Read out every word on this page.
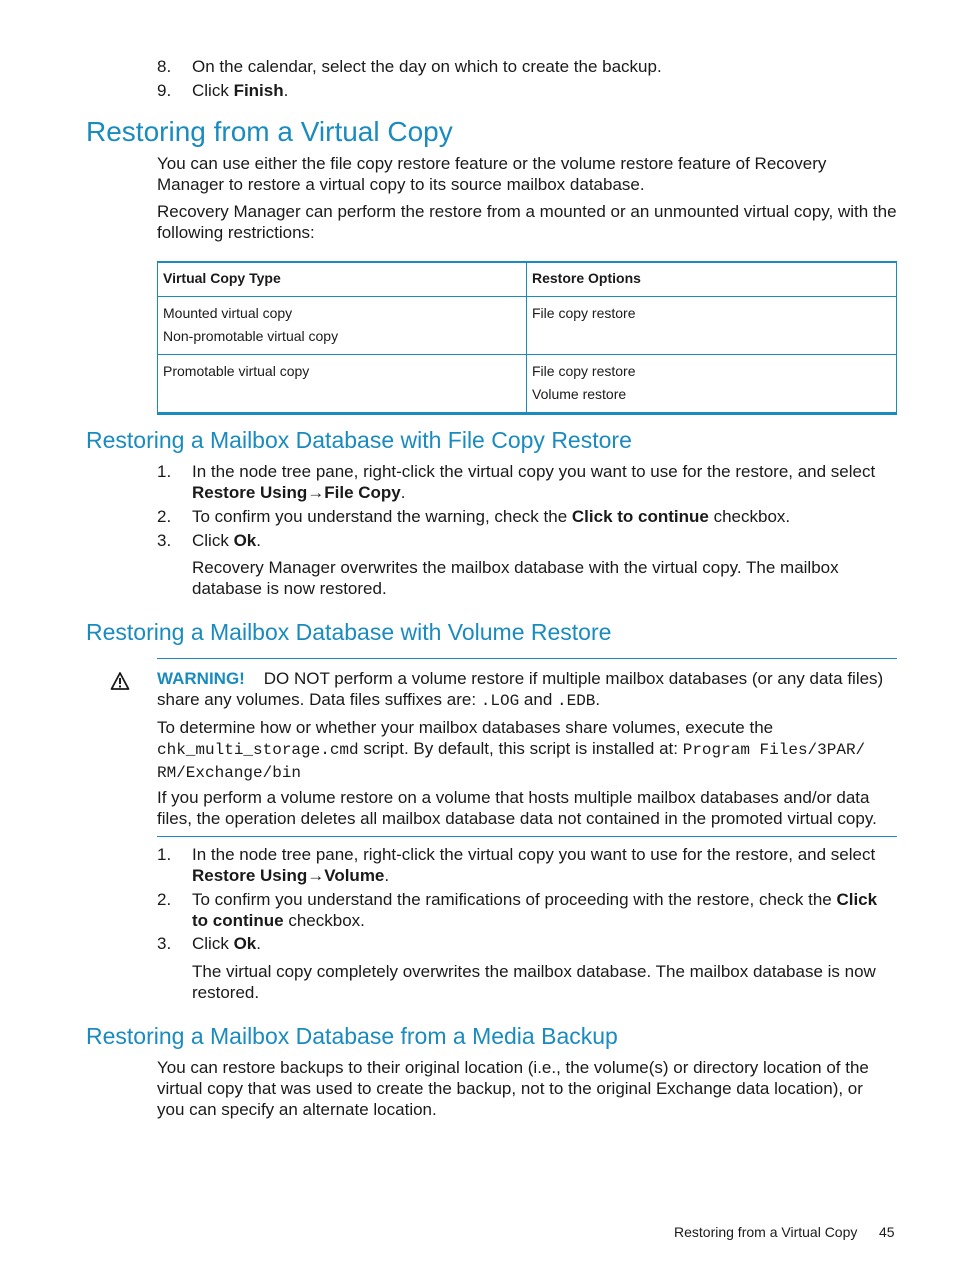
8. On the calendar, select the day on which to create the backup.
9. Click Finish.
Restoring from a Virtual Copy
You can use either the file copy restore feature or the volume restore feature of Recovery Manager to restore a virtual copy to its source mailbox database.
Recovery Manager can perform the restore from a mounted or an unmounted virtual copy, with the following restrictions:
Virtual Copy Type	Restore Options

Mounted virtual copy
Non-promotable virtual copy	File copy restore

Promotable virtual copy	File copy restore
Volume restore
Restoring a Mailbox Database with File Copy Restore
1. In the node tree pane, right-click the virtual copy you want to use for the restore, and select
Restore Using→File Copy.
2. To confirm you understand the warning, check the Click to continue checkbox.
3. Click Ok.
Recovery Manager overwrites the mailbox database with the virtual copy. The mailbox database is now restored.
Restoring a Mailbox Database with Volume Restore
WARNING! DO NOT perform a volume restore if multiple mailbox databases (or any data files) share any volumes. Data files suffixes are: .LOG and .EDB.
To determine how or whether your mailbox databases share volumes, execute the
chk_multi_storage.cmd script. By default, this script is installed at: Program Files/3PAR/
RM/Exchange/bin
If you perform a volume restore on a volume that hosts multiple mailbox databases and/or data files, the operation deletes all mailbox database data not contained in the promoted virtual copy.
1. In the node tree pane, right-click the virtual copy you want to use for the restore, and select
Restore Using→Volume.
2. To confirm you understand the ramifications of proceeding with the restore, check the Click
to continue checkbox.
3. Click Ok.
The virtual copy completely overwrites the mailbox database. The mailbox database is now restored.
Restoring a Mailbox Database from a Media Backup
You can restore backups to their original location (i.e., the volume(s) or directory location of the virtual copy that was used to create the backup, not to the original Exchange data location), or you can specify an alternate location.
Restoring from a Virtual Copy 45
